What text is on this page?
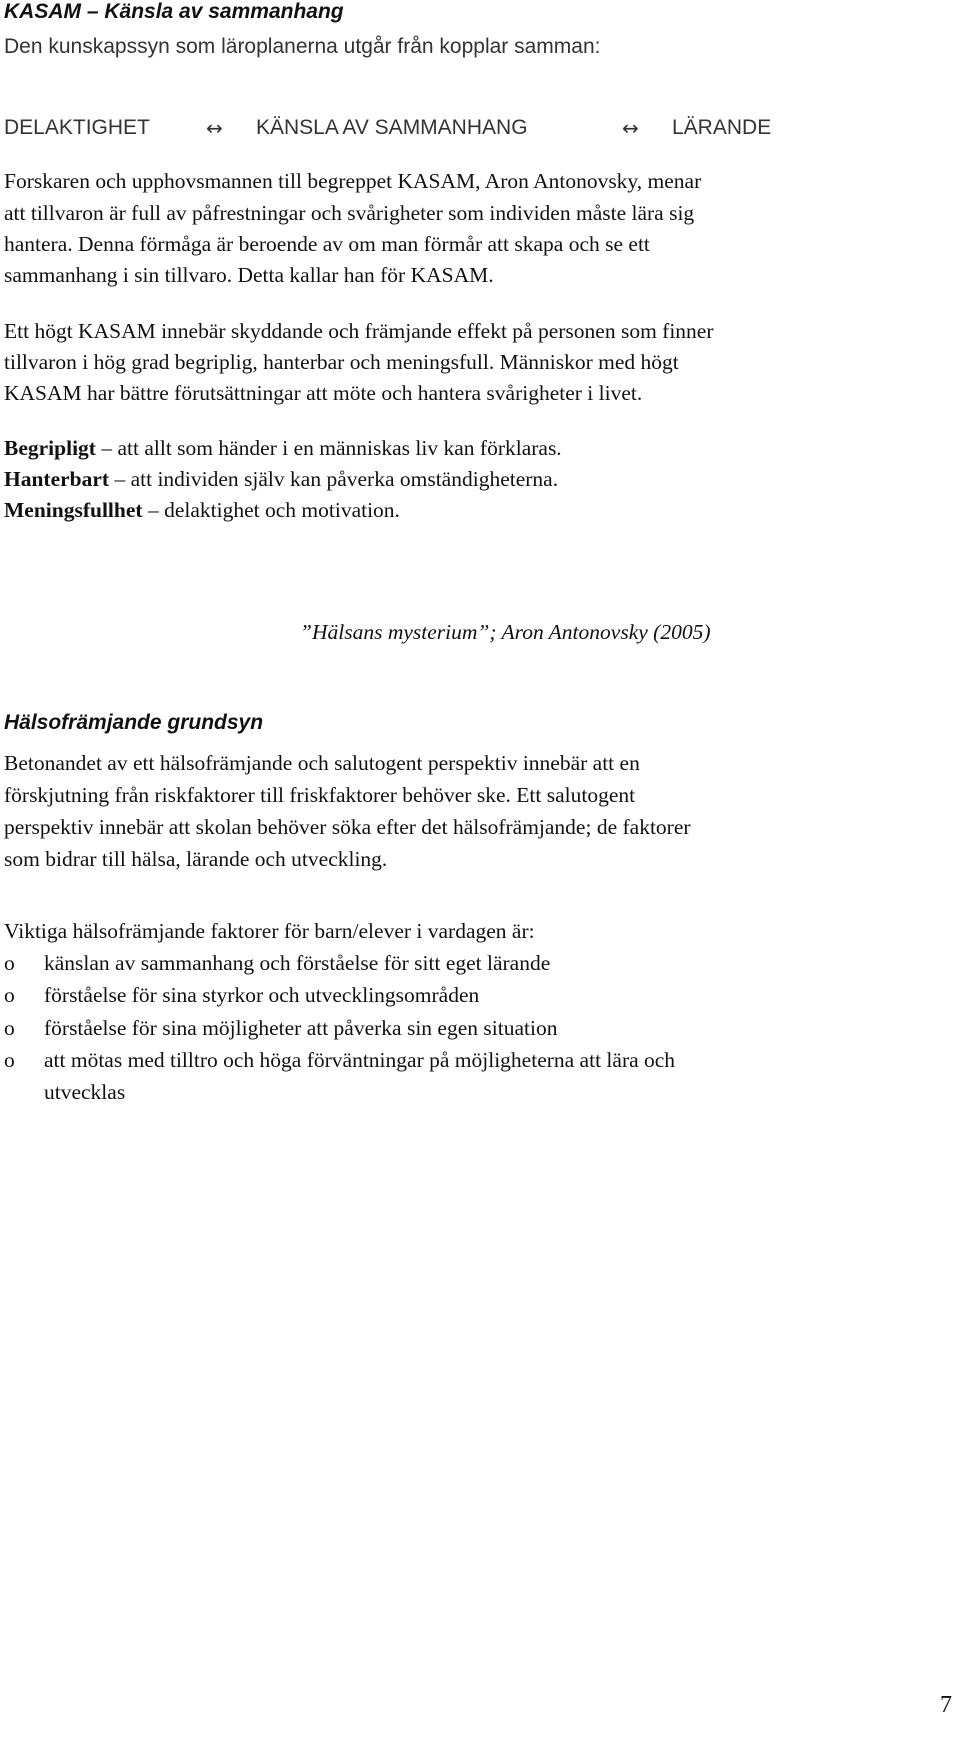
KASAM – Känsla av sammanhang
Den kunskapssyn som läroplanerna utgår från kopplar samman:
DELAKTIGHET	↔ KÄNSLA AV SAMMANHANG	↔ LÄRANDE
Forskaren och upphovsmannen till begreppet KASAM, Aron Antonovsky, menar
att tillvaron är full av påfrestningar och svårigheter som individen måste lära sig
hantera. Denna förmåga är beroende av om man förmår att skapa och se ett
sammanhang i sin tillvaro. Detta kallar han för KASAM.
Ett högt KASAM innebär skyddande och främjande effekt på personen som finner
tillvaron i hög grad begriplig, hanterbar och meningsfull. Människor med högt
KASAM har bättre förutsättningar att möte och hantera svårigheter i livet.
Begripligt – att allt som händer i en människas liv kan förklaras.
Hanterbart – att individen själv kan påverka omständigheterna.
Meningsfullhet – delaktighet och motivation.
”Hälsans mysterium”; Aron Antonovsky (2005)
Hälsofrämjande grundsyn
Betonandet av ett hälsofrämjande och salutogent perspektiv innebär att en
förskjutning från riskfaktorer till friskfaktorer behöver ske. Ett salutogent
perspektiv innebär att skolan behöver söka efter det hälsofrämjande; de faktorer
som bidrar till hälsa, lärande och utveckling.
Viktiga hälsofrämjande faktorer för barn/elever i vardagen är:
o känslan av sammanhang och förståelse för sitt eget lärande
o förståelse för sina styrkor och utvecklingsområden
o förståelse för sina möjligheter att påverka sin egen situation
o att mötas med tilltro och höga förväntningar på möjligheterna att lära och
utvecklas
7
